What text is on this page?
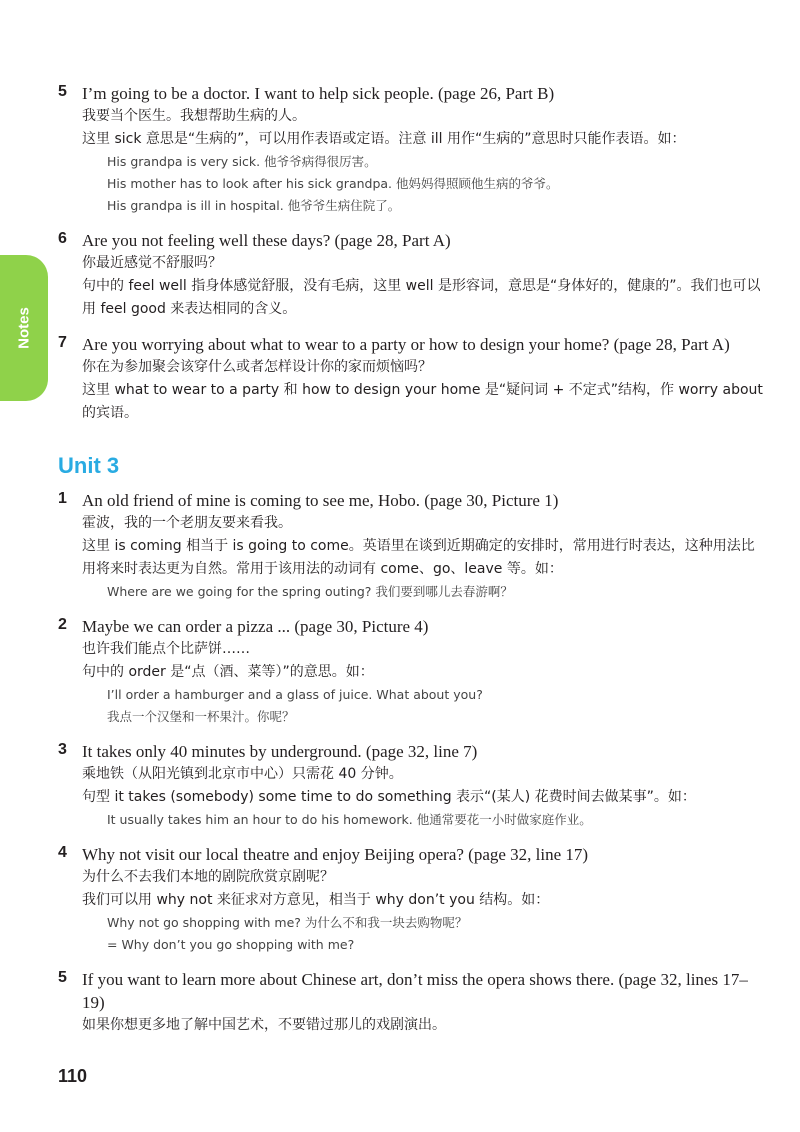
Notes
5 I’m going to be a doctor. I want to help sick people. (page 26, Part B)
我要当个医生。我想帮助生病的人。
这里 sick 意思是“生病的”，可以用作表语或定语。注意 ill 用作“生病的”意思时只能作表语。如：
His grandpa is very sick. 他爷爷病得很厉害。
His mother has to look after his sick grandpa. 他妈妈得照顾他生病的爷爷。
His grandpa is ill in hospital. 他爷爷生病住院了。
6 Are you not feeling well these days? (page 28, Part A)
你最近感觉不舒服吗？
句中的 feel well 指身体感觉舒服，没有毛病，这里 well 是形容词，意思是“身体好的，健康的”。我们也可以用 feel good 来表达相同的含义。
7 Are you worrying about what to wear to a party or how to design your home? (page 28, Part A)
你在为参加聚会该穿什么或者怎样设计你的家而烦恼吗？
这里 what to wear to a party 和 how to design your home 是“疑问词 + 不定式”结构，作 worry about 的宾语。
Unit 3
1 An old friend of mine is coming to see me, Hobo. (page 30, Picture 1)
霍波，我的一个老朋友要来看我。
这里 is coming 相当于 is going to come。英语里在谈到近期确定的安排时，常用进行时表达，这种用法比用将来时表达更为自然。常用于该用法的动词有 come、go、leave 等。如：
Where are we going for the spring outing? 我们要到哪儿去春游啊？
2 Maybe we can order a pizza ... (page 30, Picture 4)
也许我们能点个比萨饼……
句中的 order 是“点（酒、菜等）”的意思。如：
I’ll order a hamburger and a glass of juice. What about you?
我点一个汉堡和一杯果汁。你呢？
3 It takes only 40 minutes by underground. (page 32, line 7)
乘地铁（从阳光镇到北京市中心）只需花 40 分钟。
句型 it takes (somebody) some time to do something 表示“(某人) 花费时间去做某事”。如：
It usually takes him an hour to do his homework. 他通常要花一小时做家庭作业。
4 Why not visit our local theatre and enjoy Beijing opera? (page 32, line 17)
为什么不去我们本地的剧院欣赏京剧呢？
我们可以用 why not 来征求对方意见，相当于 why don’t you 结构。如：
Why not go shopping with me? 为什么不和我一块去购物呢？
= Why don’t you go shopping with me?
5 If you want to learn more about Chinese art, don’t miss the opera shows there. (page 32, lines 17–19)
如果你想更多地了解中国艺术，不要错过那儿的戏剧演出。
110
